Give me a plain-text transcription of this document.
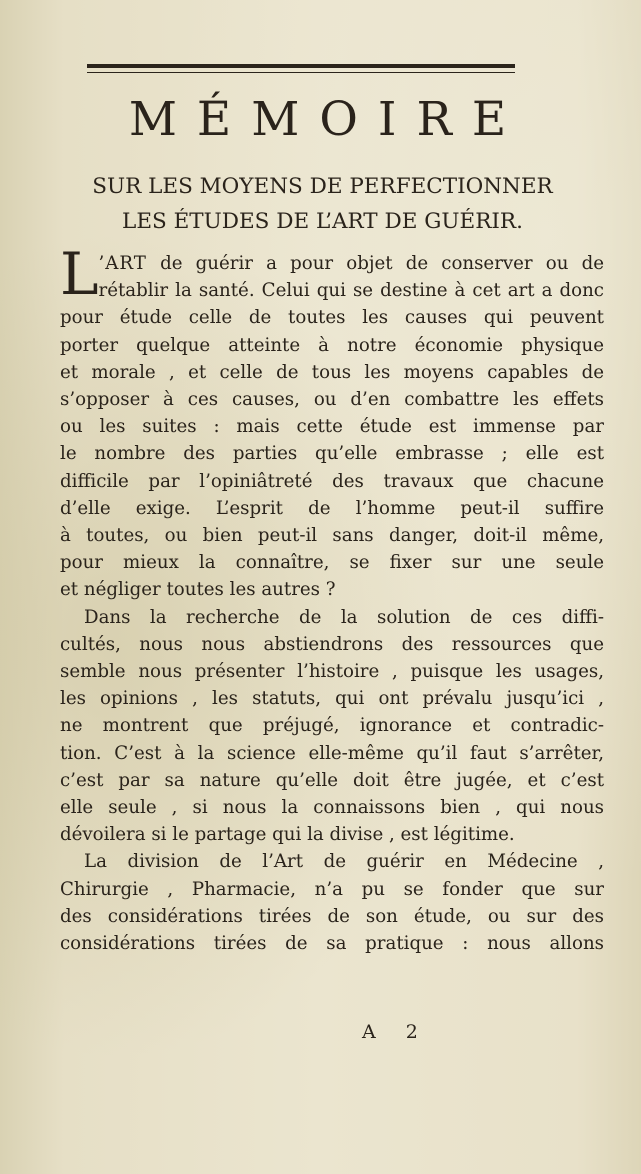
MÉMOIRE
SUR LES MOYENS DE PERFECTIONNER
LES ÉTUDES DE L’ART DE GUÉRIR.
L ’ART de guérir a pour objet de conserver ou de
rétablir la santé. Celui qui se destine à cet art a donc
pour étude celle de toutes les causes qui peuvent
porter quelque atteinte à notre économie physique
et morale , et celle de tous les moyens capables de
s’opposer à ces causes, ou d’en combattre les effets
ou les suites : mais cette étude est immense par
le nombre des parties qu’elle embrasse ; elle est
difficile par l’opiniâtreté des travaux que chacune
d’elle exige. L’esprit de l’homme peut-il suffire
à toutes, ou bien peut-il sans danger, doit-il même,
pour mieux la connaître, se fixer sur une seule
et négliger toutes les autres ?
Dans la recherche de la solution de ces diffi-
cultés, nous nous abstiendrons des ressources que
semble nous présenter l’histoire , puisque les usages,
les opinions , les statuts, qui ont prévalu jusqu’ici ,
ne montrent que préjugé, ignorance et contradic-
tion. C’est à la science elle-même qu’il faut s’arrêter,
c’est par sa nature qu’elle doit être jugée, et c’est
elle seule , si nous la connaissons bien , qui nous
dévoilera si le partage qui la divise , est légitime.
La division de l’Art de guérir en Médecine ,
Chirurgie , Pharmacie, n’a pu se fonder que sur
des considérations tirées de son étude, ou sur des
considérations tirées de sa pratique : nous allons
A 2
